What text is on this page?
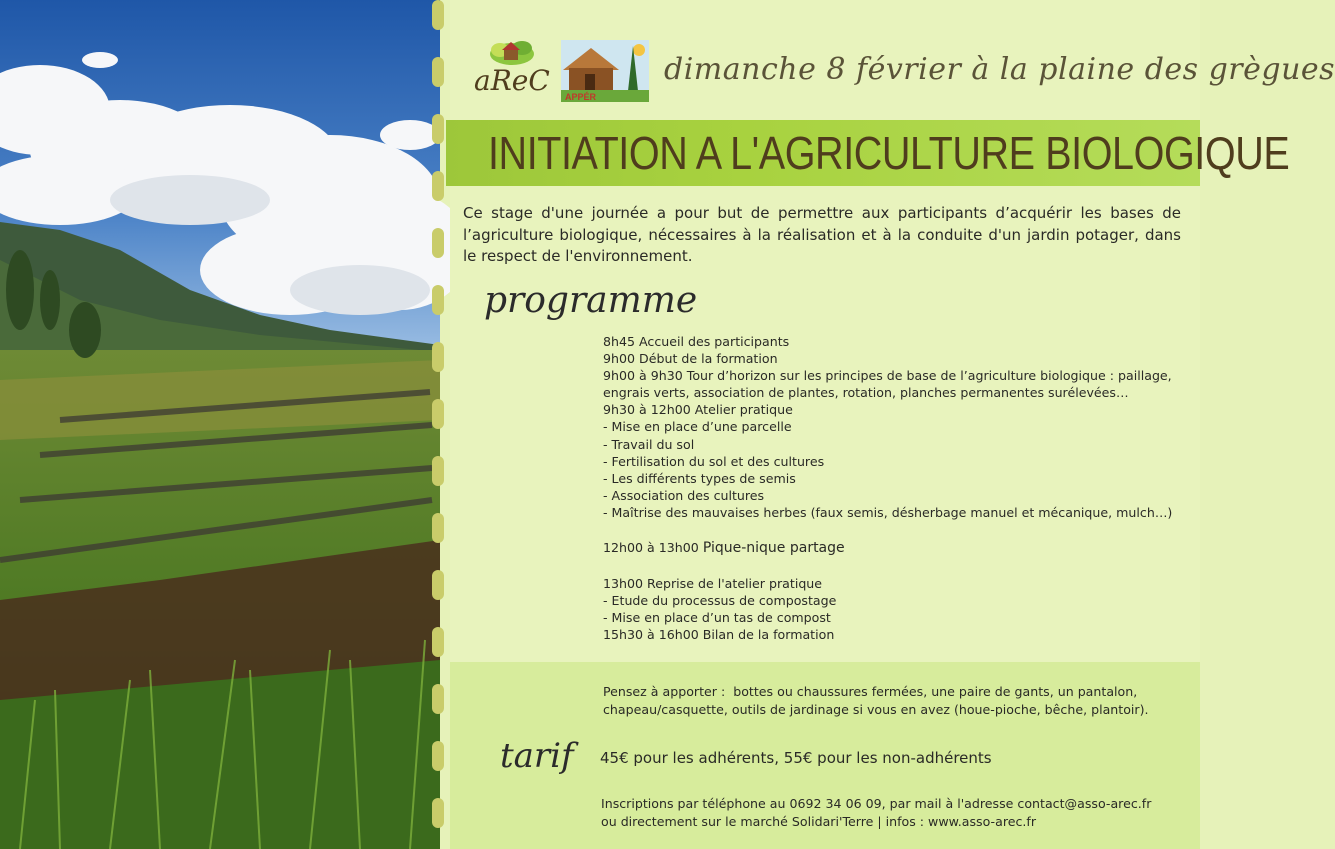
aReC APPÉR
dimanche 8 février à la plaine des grègues
INITIATION A L'AGRICULTURE BIOLOGIQUE
Ce stage d'une journée a pour but de permettre aux participants d’acquérir les bases de l’agriculture biologique, nécessaires à la réalisation et à la conduite d'un jardin potager, dans le respect de l'environnement.
programme
8h45 Accueil des participants
9h00 Début de la formation
9h00 à 9h30 Tour d’horizon sur les principes de base de l’agriculture biologique : paillage, engrais verts, association de plantes, rotation, planches permanentes surélevées…
9h30 à 12h00 Atelier pratique
- Mise en place d’une parcelle
- Travail du sol
- Fertilisation du sol et des cultures
- Les différents types de semis
- Association des cultures
- Maîtrise des mauvaises herbes (faux semis, désherbage manuel et mécanique, mulch…)
12h00 à 13h00 Pique-nique partage
13h00 Reprise de l'atelier pratique
- Etude du processus de compostage
- Mise en place d’un tas de compost
15h30 à 16h00 Bilan de la formation
Pensez à apporter : bottes ou chaussures fermées, une paire de gants, un pantalon, chapeau/casquette, outils de jardinage si vous en avez (houe-pioche, bêche, plantoir).
tarif 45€ pour les adhérents, 55€ pour les non-adhérents
Inscriptions par téléphone au 0692 34 06 09, par mail à l'adresse contact@asso-arec.fr
ou directement sur le marché Solidari'Terre | infos : www.asso-arec.fr
